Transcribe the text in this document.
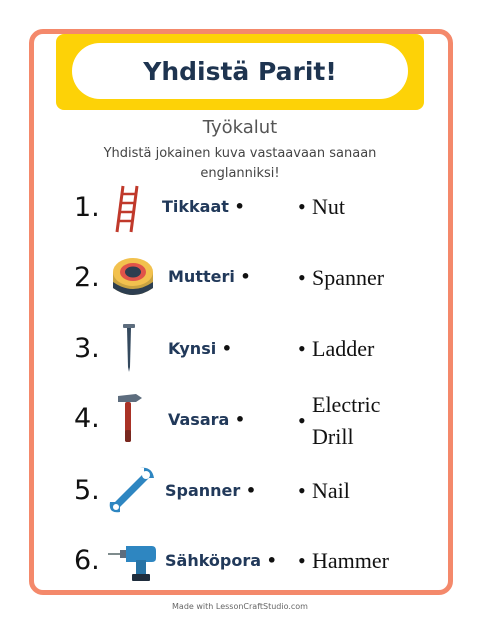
Yhdistä Parit!
Työkalut
Yhdistä jokainen kuva vastaavaan sanaan
englanniksi!
1.	Tikkaat • • Nut
2.	Mutteri • • Spanner
3.	Kynsi •	• Ladder
4.	Vasara • •
Electric
Drill
5.	Spanner • • Nail
6.	Sähköpora • • Hammer
Made with LessonCraftStudio.com
